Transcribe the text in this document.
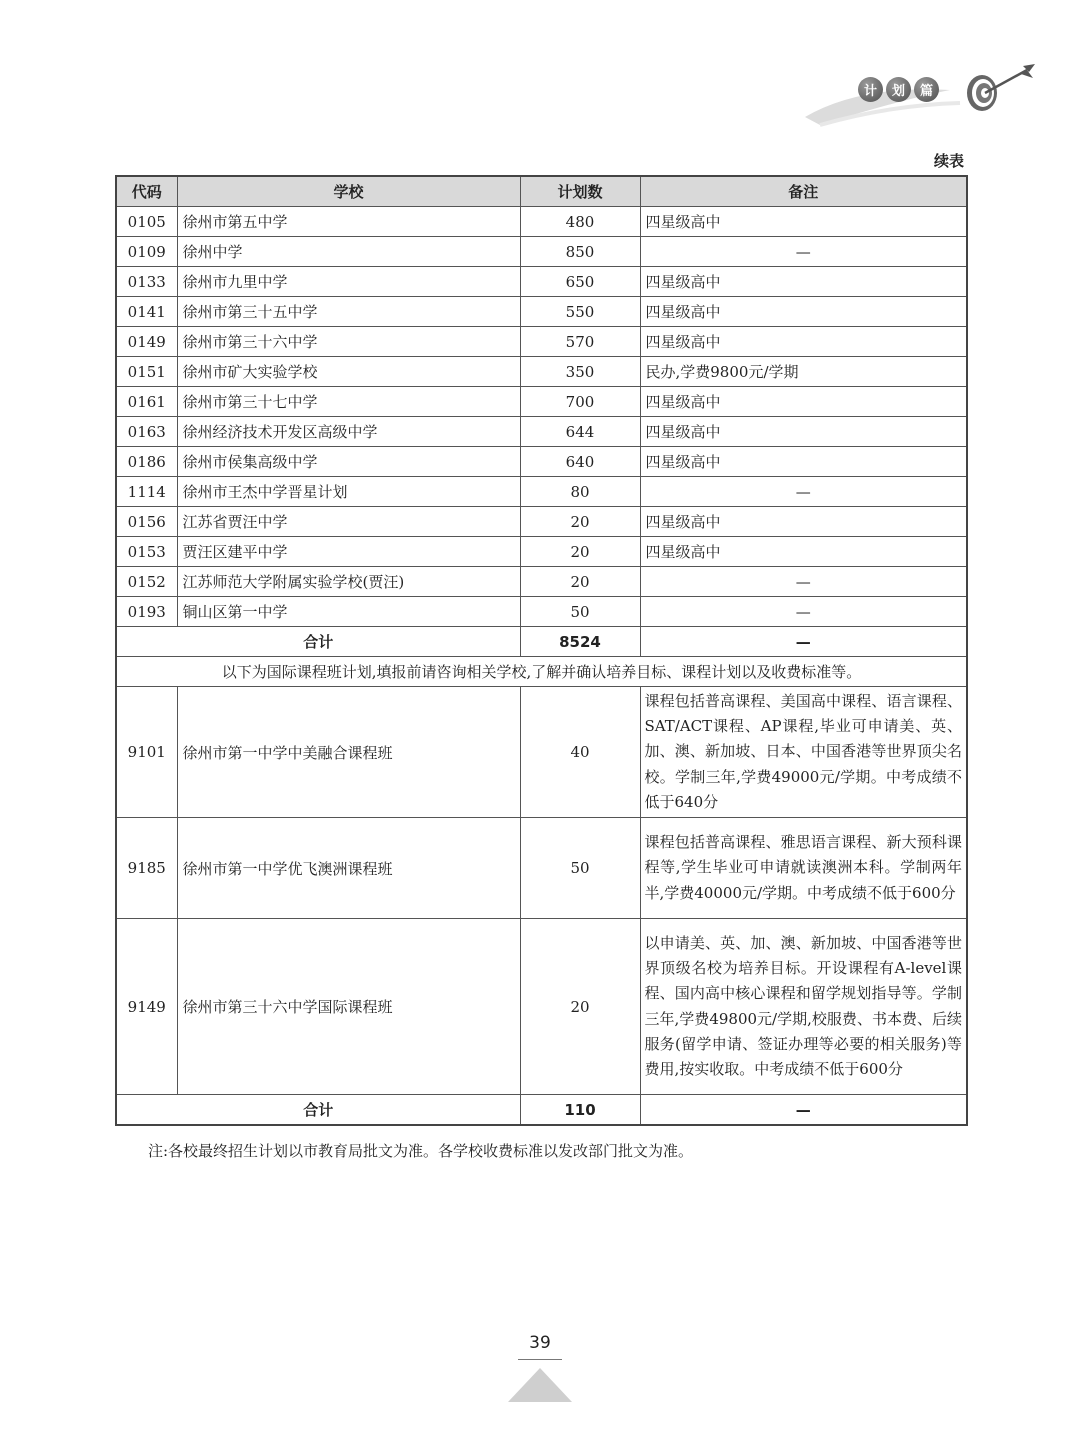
计	划	篇
续表
代码	学校	计划数	备注
0105	徐州市第五中学	480	四星级高中
0109	徐州中学	850	—
0133	徐州市九里中学	650	四星级高中
0141	徐州市第三十五中学	550	四星级高中
0149	徐州市第三十六中学	570	四星级高中
0151	徐州市矿大实验学校	350	民办,学费9800元/学期
0161	徐州市第三十七中学	700	四星级高中
0163	徐州经济技术开发区高级中学	644	四星级高中
0186	徐州市侯集高级中学	640	四星级高中
1114	徐州市王杰中学晋星计划	80	—
0156	江苏省贾汪中学	20	四星级高中
0153	贾汪区建平中学	20	四星级高中
0152	江苏师范大学附属实验学校(贾汪)	20	—
0193	铜山区第一中学	50	—
合计		8524	—
以下为国际课程班计划,填报前请咨询相关学校,了解并确认培养目标、课程计划以及收费标准等。			
9101	徐州市第一中学中美融合课程班	40	课程包括普高课程、美国高中课程、语言课程、SAT/ACT课程、AP课程,毕业可申请美、英、加、澳、新加坡、日本、中国香港等世界顶尖名校。学制三年,学费49000元/学期。中考成绩不低于640分
9185	徐州市第一中学优飞澳洲课程班	50	课程包括普高课程、雅思语言课程、新大预科课程等,学生毕业可申请就读澳洲本科。学制两年半,学费40000元/学期。中考成绩不低于600分
9149	徐州市第三十六中学国际课程班	20	以申请美、英、加、澳、新加坡、中国香港等世界顶级名校为培养目标。开设课程有A-level课程、国内高中核心课程和留学规划指导等。学制三年,学费49800元/学期,校服费、书本费、后续服务(留学申请、签证办理等必要的相关服务)等费用,按实收取。中考成绩不低于600分
合计		110	—
注:各校最终招生计划以市教育局批文为准。各学校收费标准以发改部门批文为准。
39
